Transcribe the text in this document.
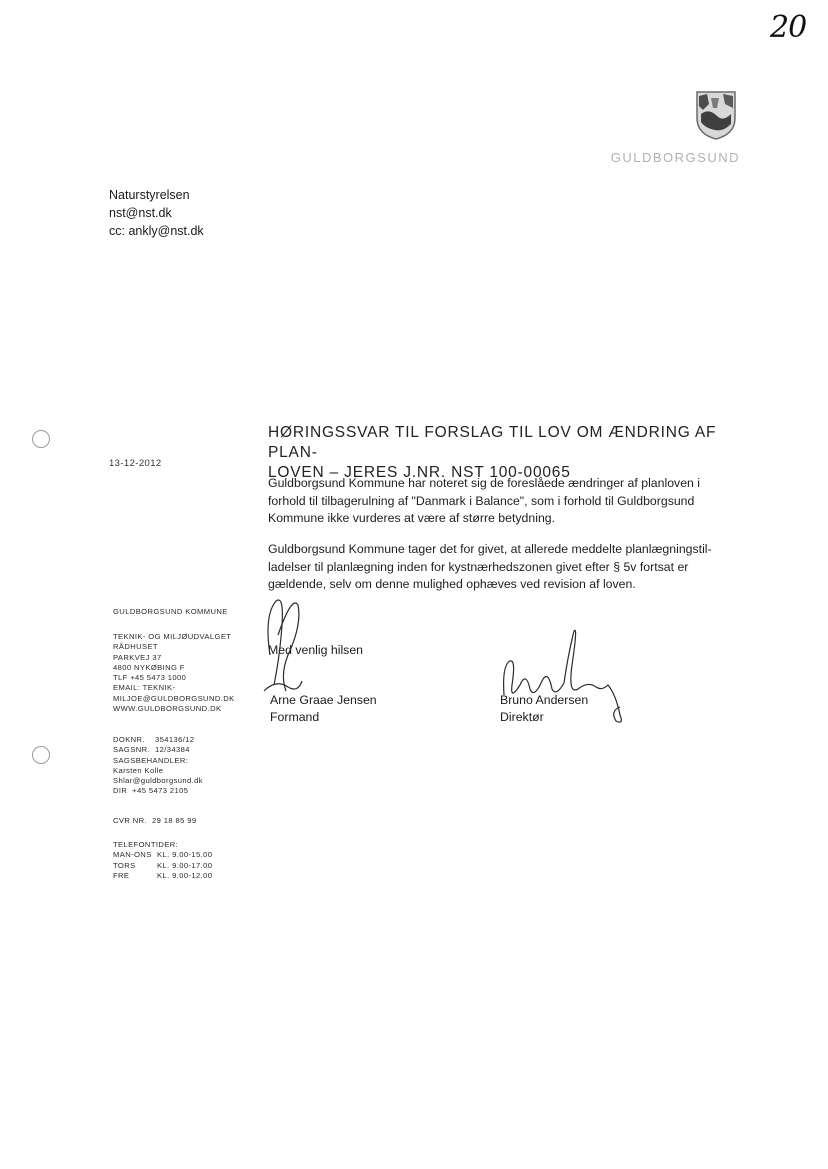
20
GULDBORGSUND
Naturstyrelsen
nst@nst.dk
cc: ankly@nst.dk
HØRINGSSVAR TIL FORSLAG TIL LOV OM ÆNDRING AF PLAN-
LOVEN – JERES J.NR. NST 100-00065
13-12-2012
Guldborgsund Kommune har noteret sig de foreslåede ændringer af planloven i forhold til tilbagerulning af "Danmark i Balance", som i forhold til Guldborgsund Kommune ikke vurderes at være af større betydning.
Guldborgsund Kommune tager det for givet, at allerede meddelte planlægningstil-ladelser til planlægning inden for kystnærhedszonen givet efter § 5v fortsat er gældende, selv om denne mulighed ophæves ved revision af loven.
Med venlig hilsen
Arne Graae Jensen
Formand
Bruno Andersen
Direktør
GULDBORGSUND KOMMUNE
TEKNIK- OG MILJØUDVALGET
RÅDHUSET
PARKVEJ 37
4800 NYKØBING F
TLF +45 5473 1000
EMAIL: TEKNIK-
MILJOE@GULDBORGSUND.DK
WWW.GULDBORGSUND.DK
DOKNR.    354136/12
SAGSNR.  12/34384
SAGSBEHANDLER:
Karsten Kolle
Shlar@guldborgsund.dk
DIR  +45 5473 2105
CVR NR.  29 18 85 99
TELEFONTIDER:
MAN-ONS KL. 9.00-15.00
TORS	KL. 9.00-17.00
FRE	KL. 9.00-12.00
